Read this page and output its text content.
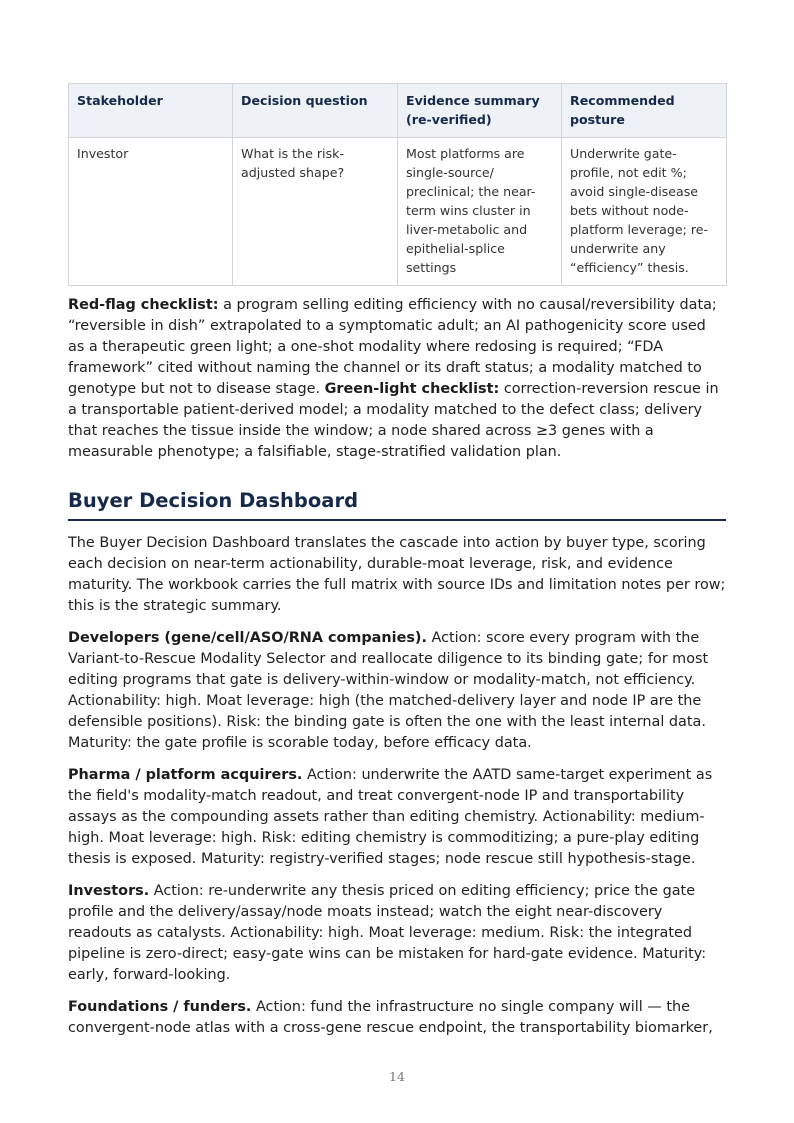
Stakeholder	Decision question	Evidence summary (re-verified)	Recommended posture
Investor	What is the risk-adjusted shape?	Most platforms are single-source/ preclinical; the near-term wins cluster in liver-metabolic and epithelial-splice settings	Underwrite gate-profile, not edit %; avoid single-disease bets without node-platform leverage; re-underwrite any “efficiency” thesis.

Red-flag checklist: a program selling editing efficiency with no causal/reversibility data; “reversible in dish” extrapolated to a symptomatic adult; an AI pathogenicity score used as a therapeutic green light; a one-shot modality where redosing is required; “FDA framework” cited without naming the channel or its draft status; a modality matched to genotype but not to disease stage. Green-light checklist: correction-reversion rescue in a transportable patient-derived model; a modality matched to the defect class; delivery that reaches the tissue inside the window; a node shared across ≥3 genes with a measurable phenotype; a falsifiable, stage-stratified validation plan.

Buyer Decision Dashboard

The Buyer Decision Dashboard translates the cascade into action by buyer type, scoring each decision on near-term actionability, durable-moat leverage, risk, and evidence maturity. The workbook carries the full matrix with source IDs and limitation notes per row; this is the strategic summary.

Developers (gene/cell/ASO/RNA companies). Action: score every program with the Variant-to-Rescue Modality Selector and reallocate diligence to its binding gate; for most editing programs that gate is delivery-within-window or modality-match, not efficiency. Actionability: high. Moat leverage: high (the matched-delivery layer and node IP are the defensible positions). Risk: the binding gate is often the one with the least internal data. Maturity: the gate profile is scorable today, before efficacy data.

Pharma / platform acquirers. Action: underwrite the AATD same-target experiment as the field's modality-match readout, and treat convergent-node IP and transportability assays as the compounding assets rather than editing chemistry. Actionability: medium-high. Moat leverage: high. Risk: editing chemistry is commoditizing; a pure-play editing thesis is exposed. Maturity: registry-verified stages; node rescue still hypothesis-stage.

Investors. Action: re-underwrite any thesis priced on editing efficiency; price the gate profile and the delivery/assay/node moats instead; watch the eight near-discovery readouts as catalysts. Actionability: high. Moat leverage: medium. Risk: the integrated pipeline is zero-direct; easy-gate wins can be mistaken for hard-gate evidence. Maturity: early, forward-looking.

Foundations / funders. Action: fund the infrastructure no single company will — the convergent-node atlas with a cross-gene rescue endpoint, the transportability biomarker,

14
